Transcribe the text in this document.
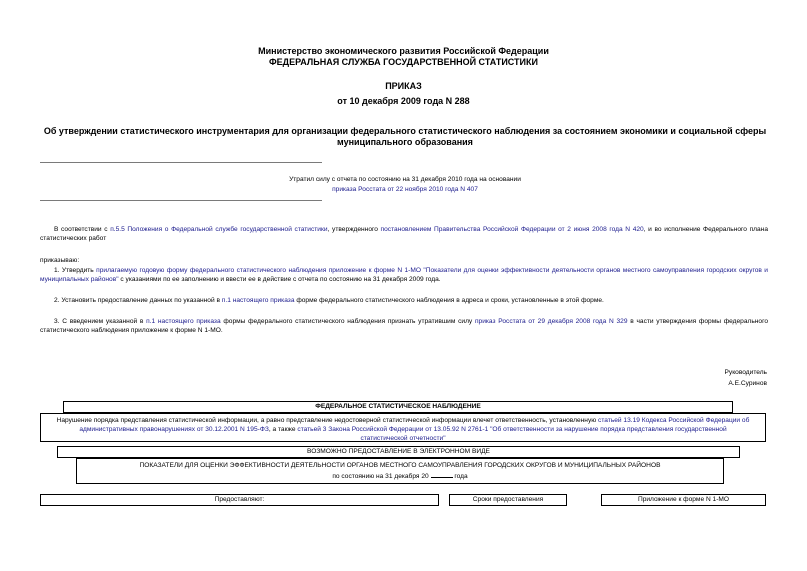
Министерство экономического развития Российской Федерации
ФЕДЕРАЛЬНАЯ СЛУЖБА ГОСУДАРСТВЕННОЙ СТАТИСТИКИ
ПРИКАЗ
от 10 декабря 2009 года N 288
Об утверждении статистического инструментария для организации федерального статистического наблюдения за состоянием экономики и социальной сферы муниципального образования
Утратил силу с отчета по состоянию на 31 декабря 2010 года на основании
приказа Росстата от 22 ноября 2010 года N 407

В соответствии с п.5.5 Положения о Федеральной службе государственной статистики, утвержденного постановлением Правительства Российской Федерации от 2 июня 2008 года N 420, и во исполнение Федерального плана статистических работ

приказываю:

1. Утвердить прилагаемую годовую форму федерального статистического наблюдения приложение к форме N 1-МО "Показатели для оценки эффективности деятельности органов местного самоуправления городских округов и муниципальных районов" с указаниями по ее заполнению и ввести ее в действие с отчета по состоянию на 31 декабря 2009 года.

2. Установить предоставление данных по указанной в п.1 настоящего приказа форме федерального статистического наблюдения в адреса и сроки, установленные в этой форме.

3. С введением указанной в п.1 настоящего приказа формы федерального статистического наблюдения признать утратившим силу приказ Росстата от 29 декабря 2008 года N 329 в части утверждения формы федерального статистического наблюдения приложение к форме N 1-МО.

Руководитель
А.Е.Суринов
ФЕДЕРАЛЬНОЕ СТАТИСТИЧЕСКОЕ НАБЛЮДЕНИЕ

Нарушение порядка представления статистической информации, а равно представление недостоверной статистической информации влечет ответственность, установленную статьей 13.19 Кодекса Российской Федерации об административных правонарушениях от 30.12.2001 N 195-ФЗ, а также статьей 3 Закона Российской Федерации от 13.05.92 N 2761-1 "Об ответственности за нарушение порядка представления государственной статистической отчетности"

ВОЗМОЖНО ПРЕДОСТАВЛЕНИЕ В ЭЛЕКТРОННОМ ВИДЕ
ПОКАЗАТЕЛИ ДЛЯ ОЦЕНКИ ЭФФЕКТИВНОСТИ ДЕЯТЕЛЬНОСТИ ОРГАНОВ МЕСТНОГО САМОУПРАВЛЕНИЯ ГОРОДСКИХ ОКРУГОВ И МУНИЦИПАЛЬНЫХ РАЙОНОВ
по состоянию на 31 декабря 20	года
Предоставляют:	Сроки предоставления	Приложение к форме N 1-МО
